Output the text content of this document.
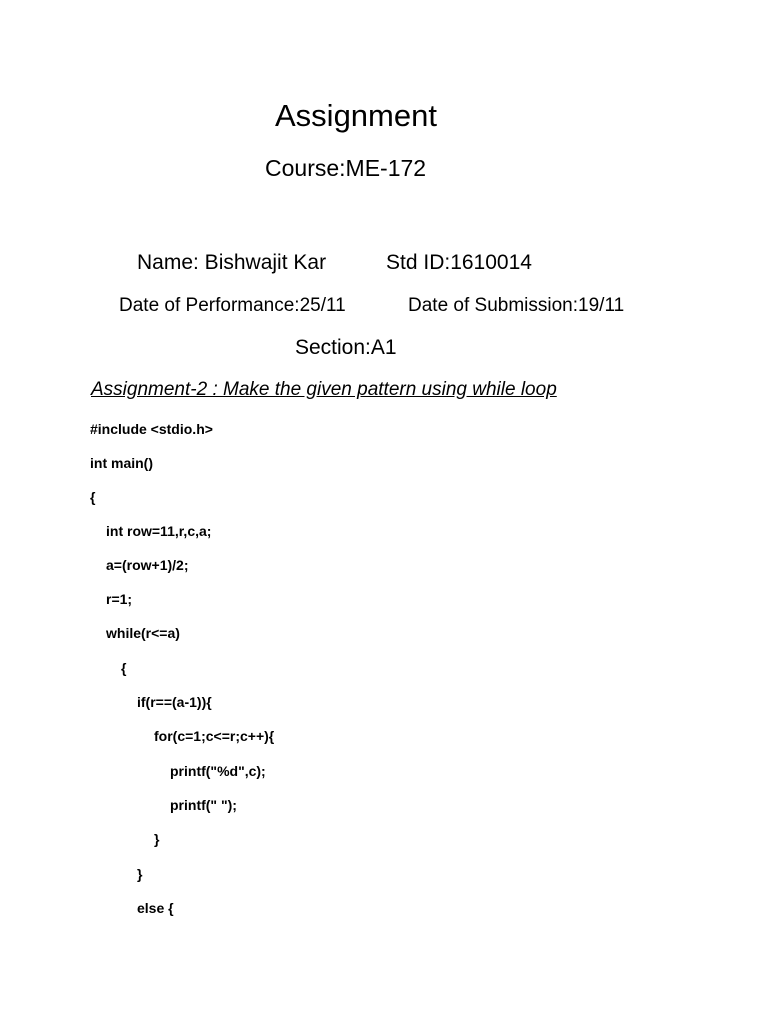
Assignment
Course:ME-172
Name: Bishwajit Kar	Std ID:1610014
Date of Performance:25/11	Date of Submission:19/11
Section:A1
Assignment-2 : Make the given pattern using while loop
#include <stdio.h>
int main()
{
int row=11,r,c,a;
a=(row+1)/2;
r=1;
while(r<=a)
{
if(r==(a-1)){
for(c=1;c<=r;c++){
printf("%d",c);
printf(" ");
}
}
else {
